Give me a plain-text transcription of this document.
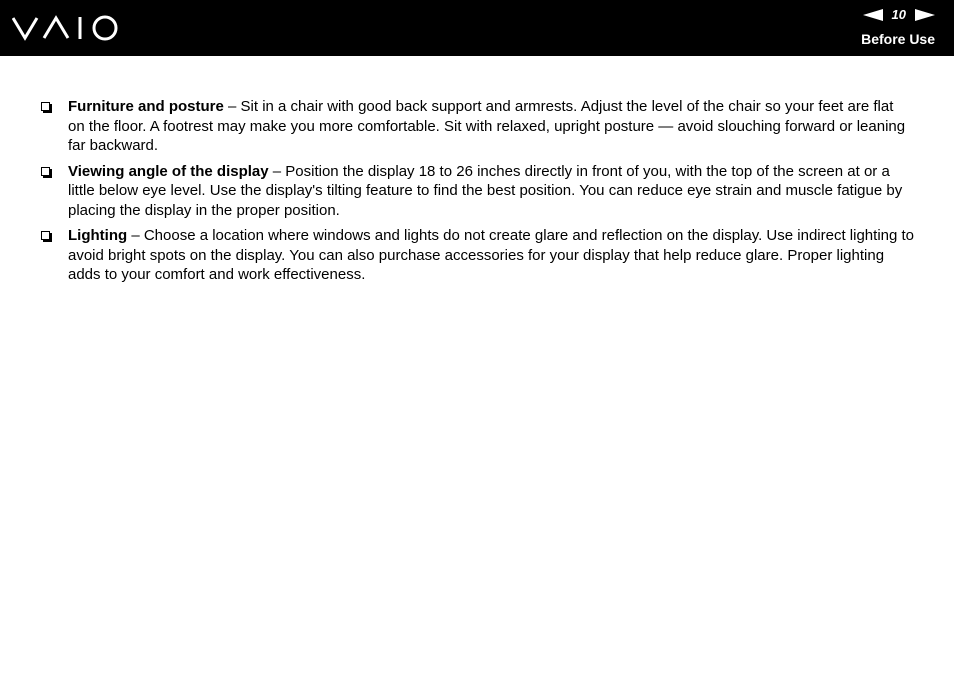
10
Before Use
Furniture and posture – Sit in a chair with good back support and armrests. Adjust the level of the chair so your feet are flat on the floor. A footrest may make you more comfortable. Sit with relaxed, upright posture — avoid slouching forward or leaning far backward.
Viewing angle of the display – Position the display 18 to 26 inches directly in front of you, with the top of the screen at or a little below eye level. Use the display's tilting feature to find the best position. You can reduce eye strain and muscle fatigue by placing the display in the proper position.
Lighting – Choose a location where windows and lights do not create glare and reflection on the display. Use indirect lighting to avoid bright spots on the display. You can also purchase accessories for your display that help reduce glare. Proper lighting adds to your comfort and work effectiveness.
